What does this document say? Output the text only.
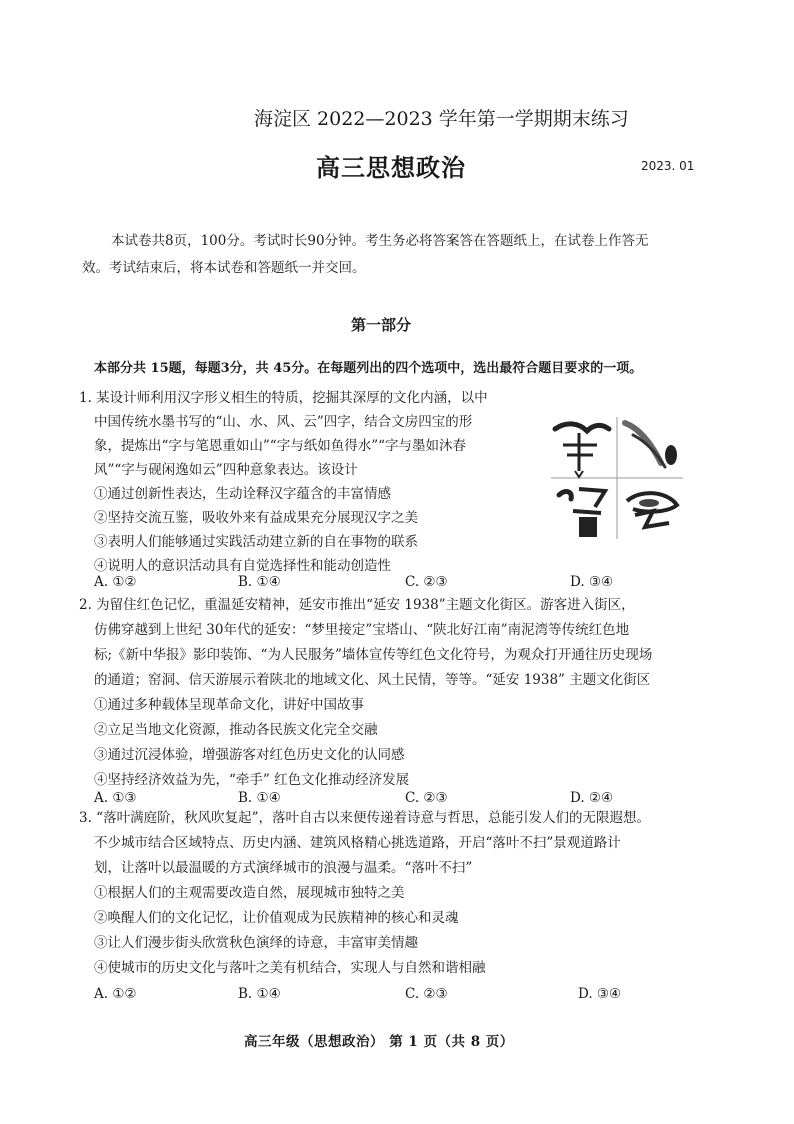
海淀区 2022—2023 学年第一学期期末练习
高三思想政治	2023. 01
本试卷共8页，100分。考试时长90分钟。考生务必将答案答在答题纸上，在试卷上作答无
效。考试结束后，将本试卷和答题纸一并交回。
第一部分
本部分共 15题，每题3分，共 45分。在每题列出的四个选项中，选出最符合题目要求的一项。
1. 某设计师利用汉字形义相生的特质，挖掘其深厚的文化内涵，以中
中国传统水墨书写的“山、水、风、云”四字，结合文房四宝的形
象，提炼出“字与笔恩重如山”“字与纸如鱼得水”“字与墨如沐春
风”“字与砚闲逸如云”四种意象表达。该设计
①通过创新性表达，生动诠释汉字蕴含的丰富情感
②坚持交流互鉴，吸收外来有益成果充分展现汉字之美
③表明人们能够通过实践活动建立新的自在事物的联系
④说明人的意识活动具有自觉选择性和能动创造性
A. ①②	B. ①④	C. ②③	D. ③④
2. 为留住红色记忆，重温延安精神，延安市推出“延安 1938”主题文化街区。游客进入街区，
仿佛穿越到上世纪 30年代的延安：“梦里接定”宝塔山、“陕北好江南”南泥湾等传统红色地
标;《新中华报》影印装饰、“为人民服务”墙体宣传等红色文化符号，为观众打开通往历史现场
的通道；窑洞、信天游展示着陕北的地域文化、风土民情，等等。“延安 1938” 主题文化街区
①通过多种载体呈现革命文化，讲好中国故事
②立足当地文化资源，推动各民族文化完全交融
③通过沉浸体验，增强游客对红色历史文化的认同感
④坚持经济效益为先，“牵手” 红色文化推动经济发展
A. ①③	B. ①④	C. ②③	D. ②④
3. “落叶满庭阶，秋风吹复起”，落叶自古以来便传递着诗意与哲思，总能引发人们的无限遐想。
不少城市结合区域特点、历史内涵、建筑风格精心挑选道路，开启“落叶不扫”景观道路计
划，让落叶以最温暖的方式演绎城市的浪漫与温柔。“落叶不扫”
①根据人们的主观需要改造自然，展现城市独特之美
②唤醒人们的文化记忆，让价值观成为民族精神的核心和灵魂
③让人们漫步街头欣赏秋色演绎的诗意，丰富审美情趣
④使城市的历史文化与落叶之美有机结合，实现人与自然和谐相融
A. ①②	B. ①④	C. ②③	D. ③④
高三年级（思想政治） 第 1 页（共 8 页）
